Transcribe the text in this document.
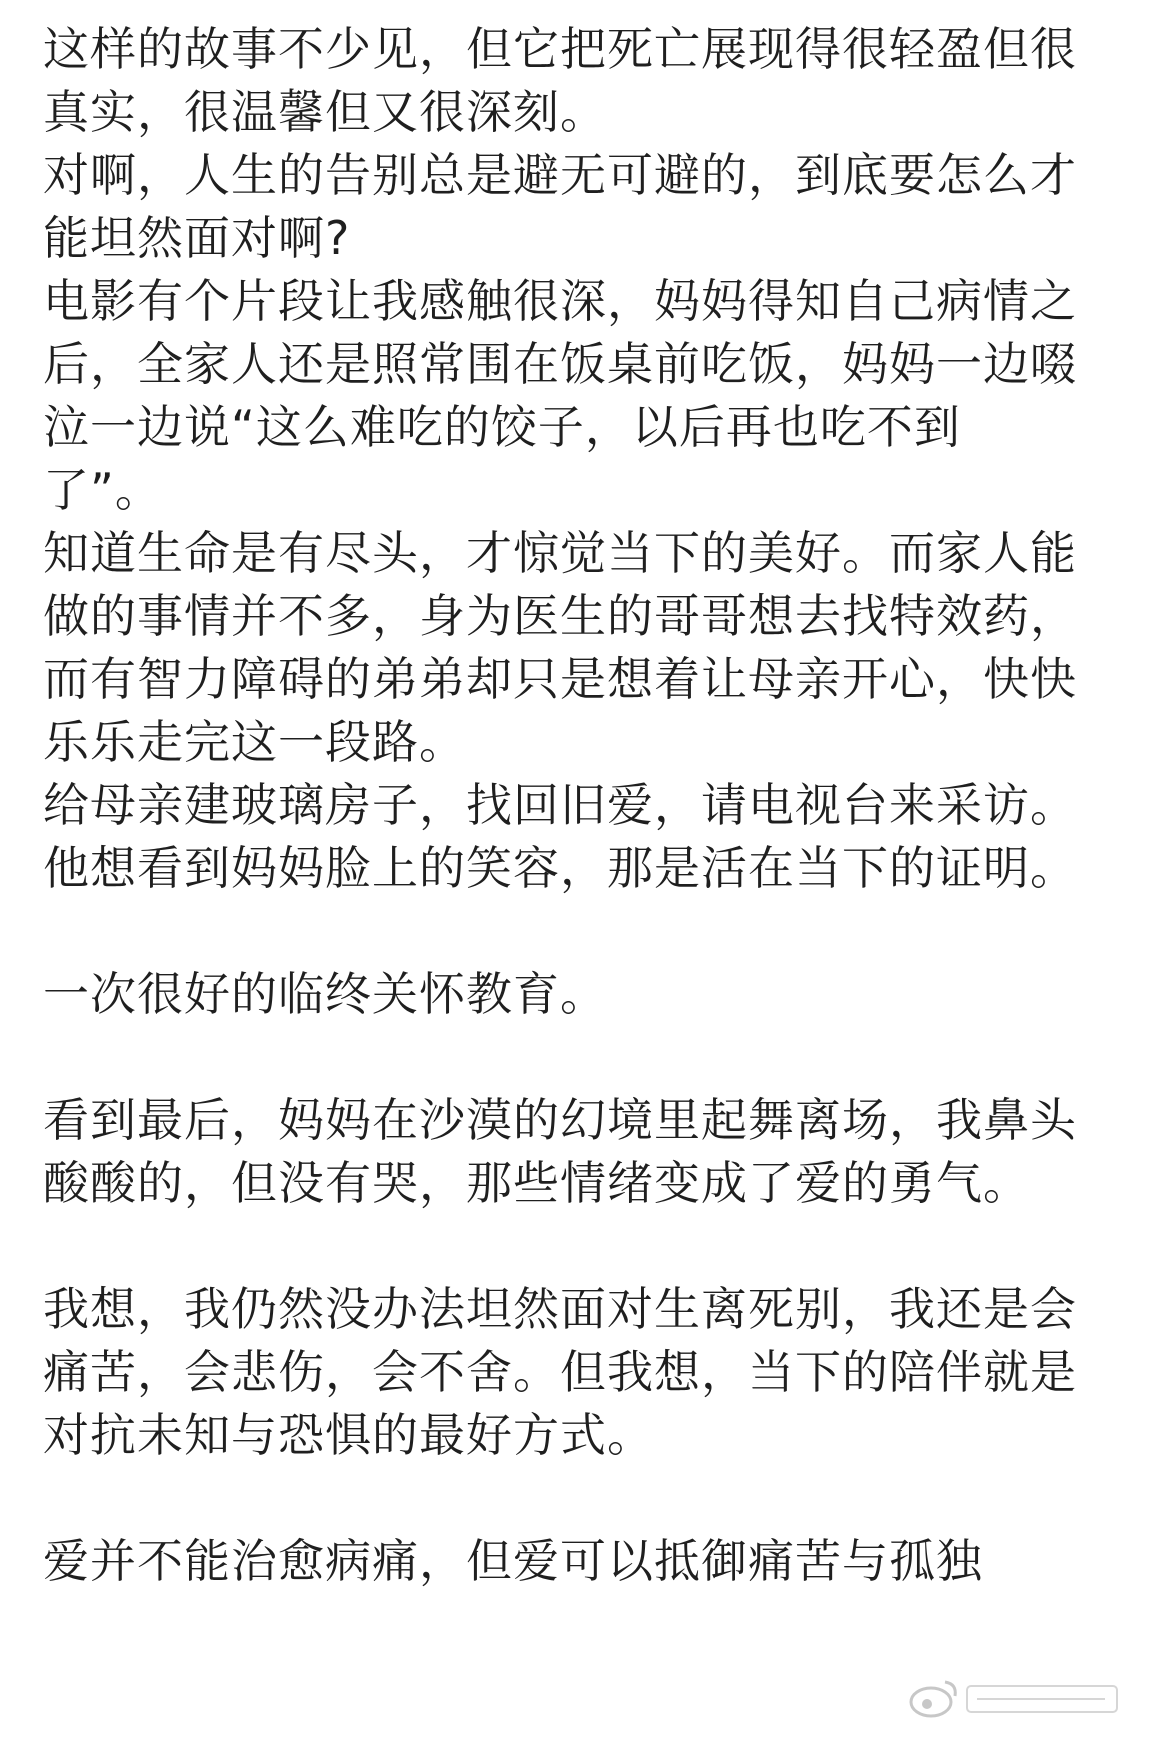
这样的故事不少见，但它把死亡展现得很轻盈但很

真实，很温馨但又很深刻。

对啊，人生的告别总是避无可避的，到底要怎么才

能坦然面对啊?

电影有个片段让我感触很深，妈妈得知自己病情之

后，全家人还是照常围在饭桌前吃饭，妈妈一边啜

泣一边说“这么难吃的饺子，以后再也吃不到

了”。

知道生命是有尽头，才惊觉当下的美好。而家人能

做的事情并不多，身为医生的哥哥想去找特效药，

而有智力障碍的弟弟却只是想着让母亲开心，快快

乐乐走完这一段路。

给母亲建玻璃房子，找回旧爱，请电视台来采访。

他想看到妈妈脸上的笑容，那是活在当下的证明。

一次很好的临终关怀教育。

看到最后，妈妈在沙漠的幻境里起舞离场，我鼻头

酸酸的，但没有哭，那些情绪变成了爱的勇气。

我想，我仍然没办法坦然面对生离死别，我还是会

痛苦，会悲伤，会不舍。但我想，当下的陪伴就是

对抗未知与恐惧的最好方式。

爱并不能治愈病痛，但爱可以抵御痛苦与孤独
